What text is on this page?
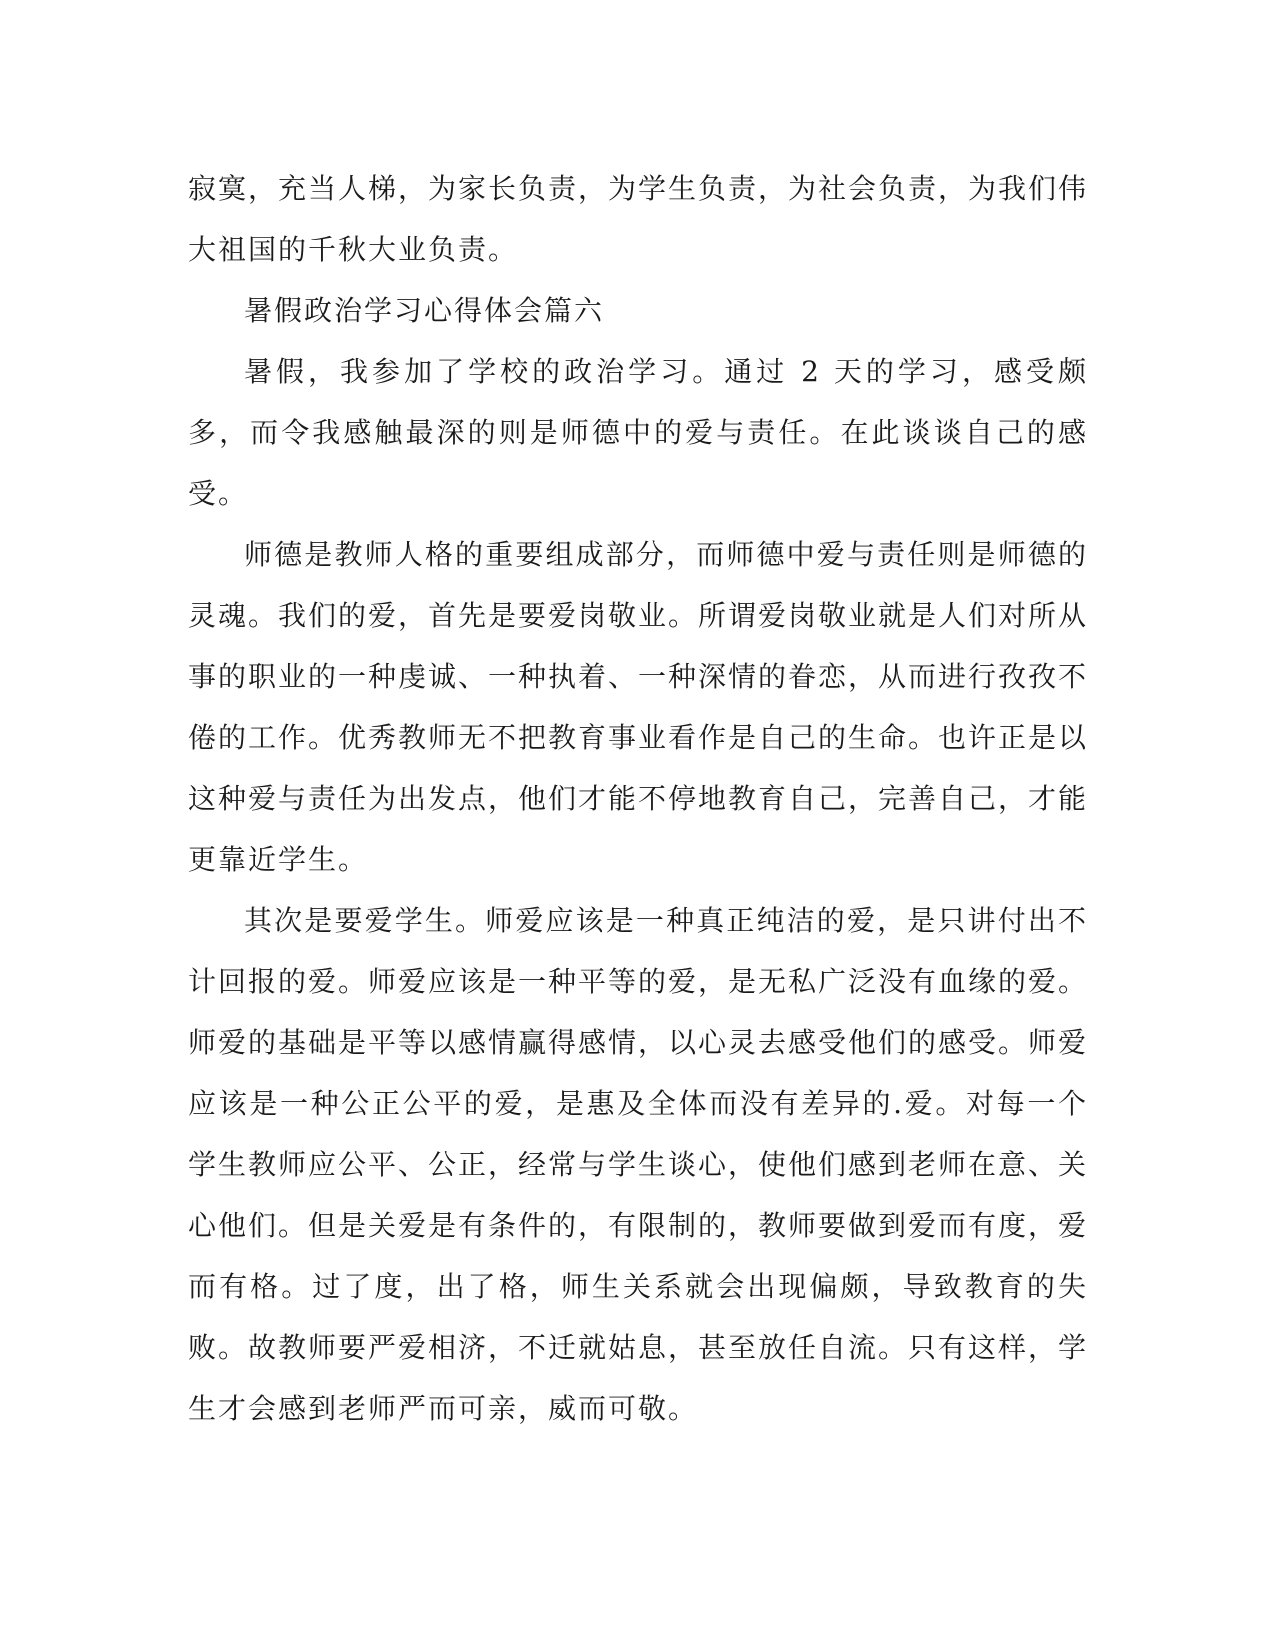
寂寞，充当人梯，为家长负责，为学生负责，为社会负责，为我们伟大祖国的千秋大业负责。

暑假政治学习心得体会篇六

暑假，我参加了学校的政治学习。通过 2 天的学习，感受颇多，而令我感触最深的则是师德中的爱与责任。在此谈谈自己的感受。

师德是教师人格的重要组成部分，而师德中爱与责任则是师德的灵魂。我们的爱，首先是要爱岗敬业。所谓爱岗敬业就是人们对所从事的职业的一种虔诚、一种执着、一种深情的眷恋，从而进行孜孜不倦的工作。优秀教师无不把教育事业看作是自己的生命。也许正是以这种爱与责任为出发点，他们才能不停地教育自己，完善自己，才能更靠近学生。

其次是要爱学生。师爱应该是一种真正纯洁的爱，是只讲付出不计回报的爱。师爱应该是一种平等的爱，是无私广泛没有血缘的爱。师爱的基础是平等以感情赢得感情，以心灵去感受他们的感受。师爱应该是一种公正公平的爱，是惠及全体而没有差异的.爱。对每一个学生教师应公平、公正，经常与学生谈心，使他们感到老师在意、关心他们。但是关爱是有条件的，有限制的，教师要做到爱而有度，爱而有格。过了度，出了格，师生关系就会出现偏颇，导致教育的失败。故教师要严爱相济，不迁就姑息，甚至放任自流。只有这样，学生才会感到老师严而可亲，威而可敬。
